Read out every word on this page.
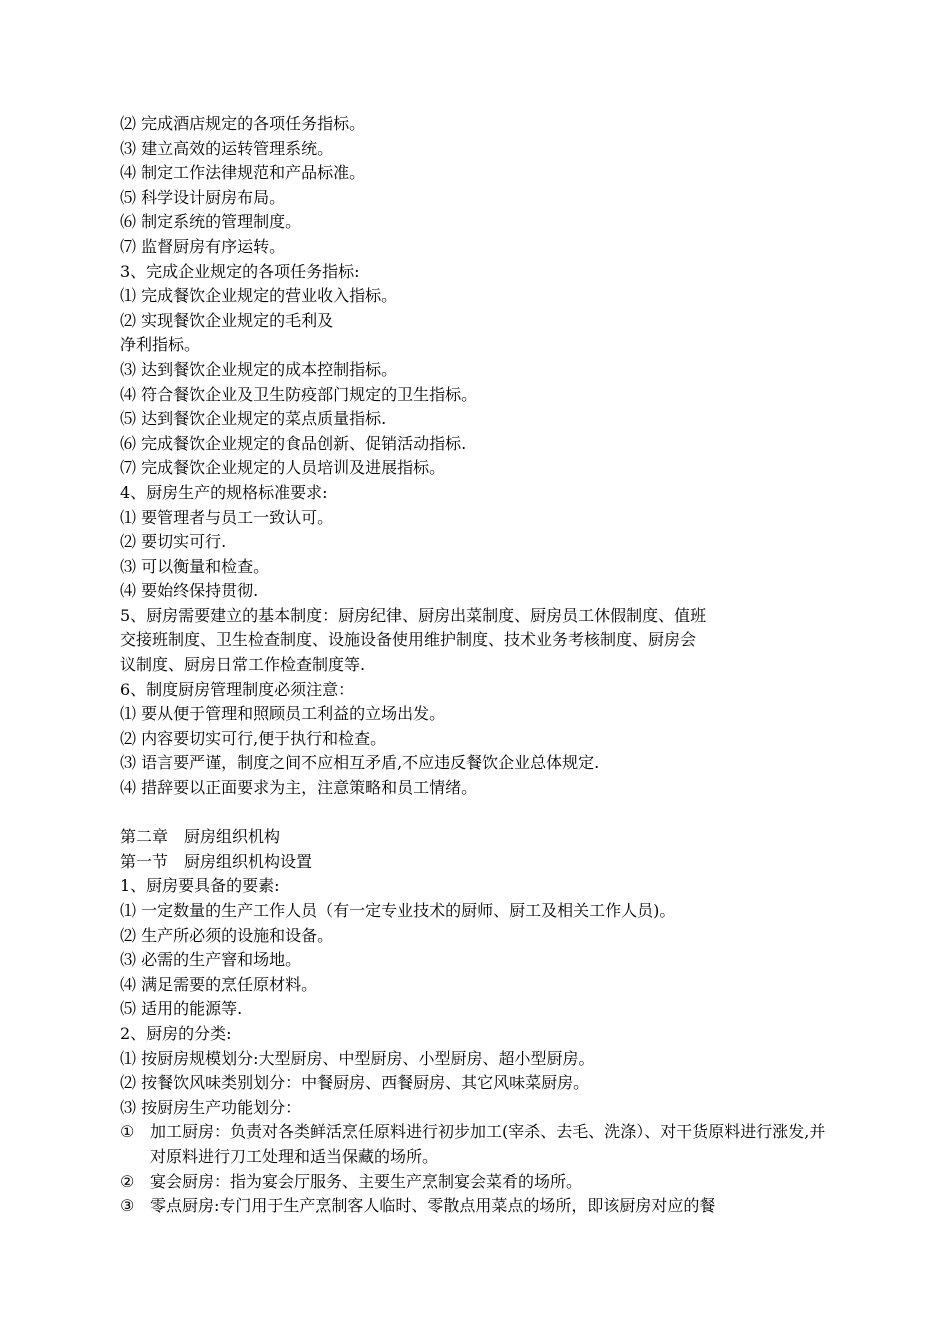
⑵ 完成酒店规定的各项任务指标。
⑶ 建立高效的运转管理系统。
⑷ 制定工作法律规范和产品标准。
⑸ 科学设计厨房布局。
⑹ 制定系统的管理制度。
⑺ 监督厨房有序运转。
3、完成企业规定的各项任务指标:
⑴ 完成餐饮企业规定的营业收入指标。
⑵ 实现餐饮企业规定的毛利及
净利指标。
⑶ 达到餐饮企业规定的成本控制指标。
⑷ 符合餐饮企业及卫生防疫部门规定的卫生指标。
⑸ 达到餐饮企业规定的菜点质量指标.
⑹ 完成餐饮企业规定的食品创新、促销活动指标.
⑺ 完成餐饮企业规定的人员培训及进展指标。
4、厨房生产的规格标准要求:
⑴ 要管理者与员工一致认可。
⑵ 要切实可行.
⑶ 可以衡量和检查。
⑷ 要始终保持贯彻.
5、厨房需要建立的基本制度：厨房纪律、厨房出菜制度、厨房员工休假制度、值班
交接班制度、卫生检查制度、设施设备使用维护制度、技术业务考核制度、厨房会
议制度、厨房日常工作检查制度等.
6、制度厨房管理制度必须注意：
⑴ 要从便于管理和照顾员工利益的立场出发。
⑵ 内容要切实可行,便于执行和检查。
⑶ 语言要严谨，制度之间不应相互矛盾,不应违反餐饮企业总体规定.
⑷ 措辞要以正面要求为主，注意策略和员工情绪。
第二章　厨房组织机构
第一节　厨房组织机构设置
1、厨房要具备的要素:
⑴ 一定数量的生产工作人员（有一定专业技术的厨师、厨工及相关工作人员)。
⑵ 生产所必须的设施和设备。
⑶ 必需的生产窨和场地。
⑷ 满足需要的烹任原材料。
⑸ 适用的能源等.
2、厨房的分类:
⑴ 按厨房规模划分:大型厨房、中型厨房、小型厨房、超小型厨房。
⑵ 按餐饮风味类别划分：中餐厨房、西餐厨房、其它风味菜厨房。
⑶ 按厨房生产功能划分：
① 加工厨房：负责对各类鲜活烹任原料进行初步加工(宰杀、去毛、洗涤）、对干货原料进行涨发,并对原料进行刀工处理和适当保藏的场所。
② 宴会厨房：指为宴会厅服务、主要生产烹制宴会菜肴的场所。
③ 零点厨房:专门用于生产烹制客人临时、零散点用菜点的场所，即该厨房对应的餐
